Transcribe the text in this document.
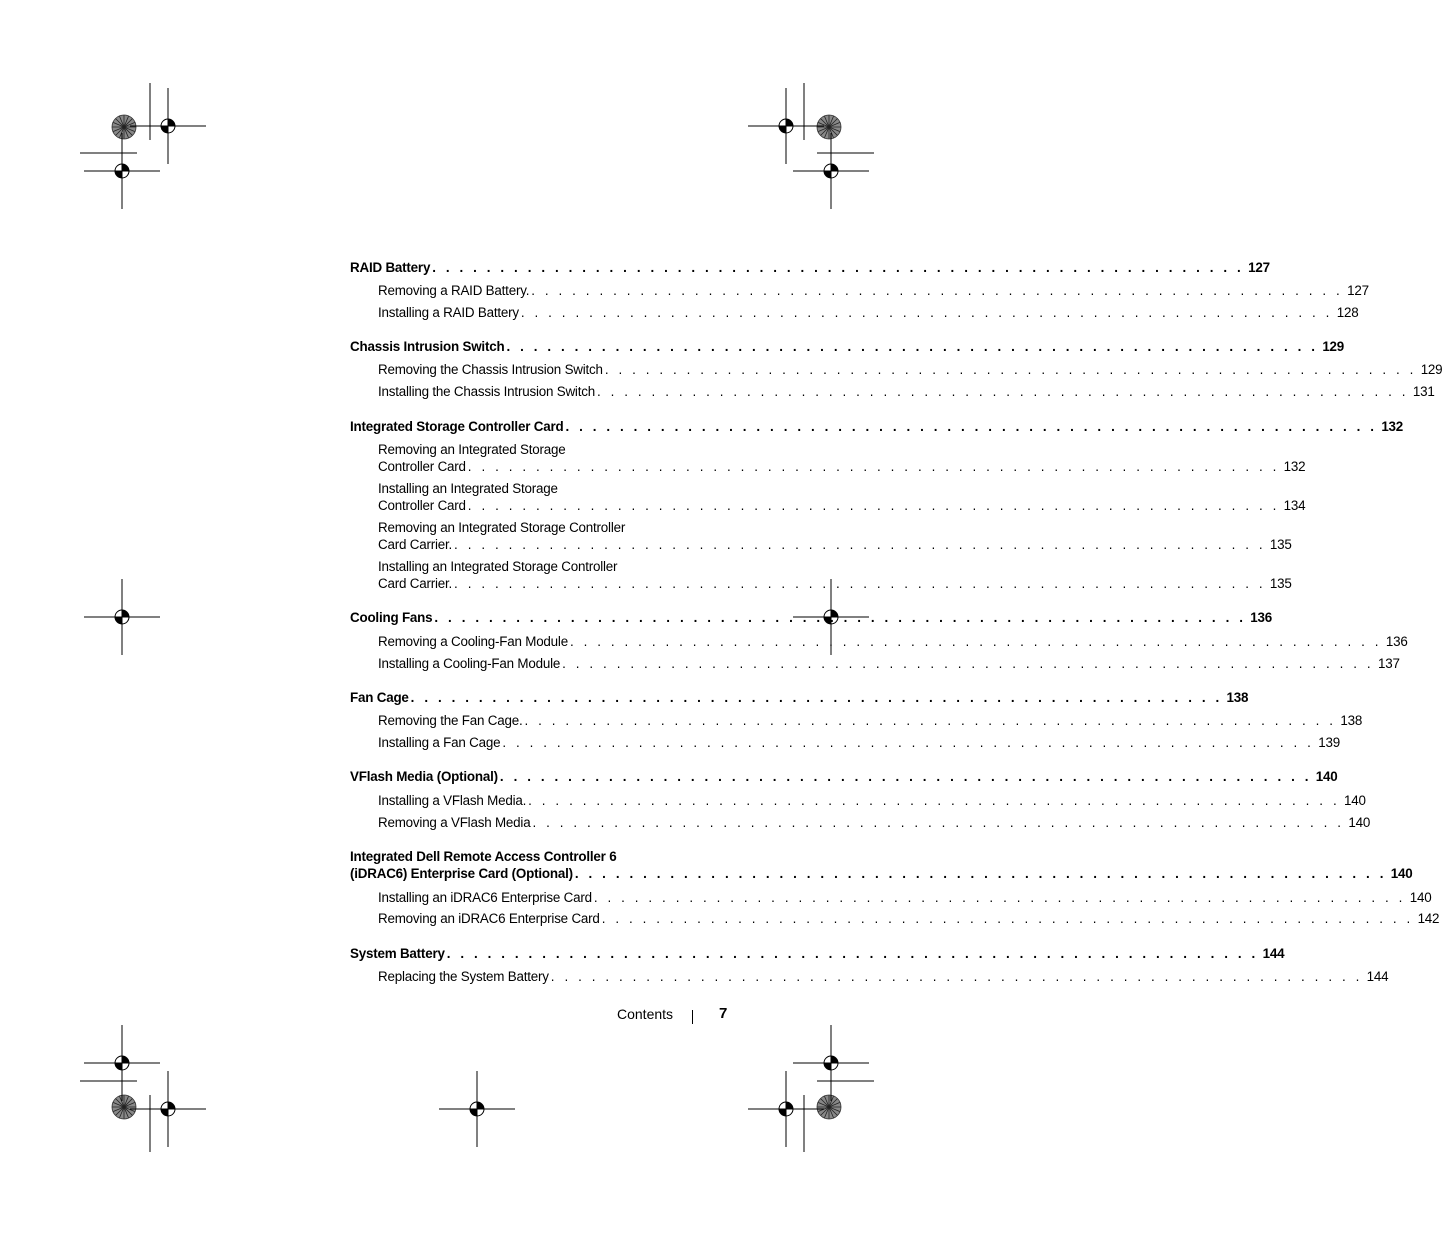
RAID Battery . . . . . . . . . . . . . . . . . . . . . . . . . . . . . . . . . . . . . . . . . . . . . . . . . . . . . . . . . . . . 127
Removing a RAID Battery. . . . . . . . . . . . . . . . . . . . . . . . . . . . . . . . . . . . . . . . . . . . . . . . . . . . . . . . . . . . . 127
Installing a RAID Battery . . . . . . . . . . . . . . . . . . . . . . . . . . . . . . . . . . . . . . . . . . . . . . . . . . . . . . . . . . . . 128
Chassis Intrusion Switch . . . . . . . . . . . . . . . . . . . . . . . . . . . . . . . . . . . . . . . . . . . . . . . . . . . . . . . . . . . . 129
Removing the Chassis Intrusion Switch . . . . . . . . . . . . . . . . . . . . . . . . . . . . . . . . . . . . . . . . . . . . . . . . . . . . . . . . . . . . 129
Installing the Chassis Intrusion Switch . . . . . . . . . . . . . . . . . . . . . . . . . . . . . . . . . . . . . . . . . . . . . . . . . . . . . . . . . . . . 131
Integrated Storage Controller Card . . . . . . . . . . . . . . . . . . . . . . . . . . . . . . . . . . . . . . . . . . . . . . . . . . . . . . . . . . . . 132
Removing an Integrated Storage
Controller Card . . . . . . . . . . . . . . . . . . . . . . . . . . . . . . . . . . . . . . . . . . . . . . . . . . . . . . . . . . . . 132
Installing an Integrated Storage
Controller Card . . . . . . . . . . . . . . . . . . . . . . . . . . . . . . . . . . . . . . . . . . . . . . . . . . . . . . . . . . . . 134
Removing an Integrated Storage Controller
Card Carrier. . . . . . . . . . . . . . . . . . . . . . . . . . . . . . . . . . . . . . . . . . . . . . . . . . . . . . . . . . . . . 135
Installing an Integrated Storage Controller
Card Carrier. . . . . . . . . . . . . . . . . . . . . . . . . . . . . . . . . . . . . . . . . . . . . . . . . . . . . . . . . . . . . 135
Cooling Fans . . . . . . . . . . . . . . . . . . . . . . . . . . . . . . . . . . . . . . . . . . . . . . . . . . . . . . . . . . . . 136
Removing a Cooling-Fan Module . . . . . . . . . . . . . . . . . . . . . . . . . . . . . . . . . . . . . . . . . . . . . . . . . . . . . . . . . . . . 136
Installing a Cooling-Fan Module . . . . . . . . . . . . . . . . . . . . . . . . . . . . . . . . . . . . . . . . . . . . . . . . . . . . . . . . . . . . 137
Fan Cage . . . . . . . . . . . . . . . . . . . . . . . . . . . . . . . . . . . . . . . . . . . . . . . . . . . . . . . . . . . . 138
Removing the Fan Cage. . . . . . . . . . . . . . . . . . . . . . . . . . . . . . . . . . . . . . . . . . . . . . . . . . . . . . . . . . . . . 138
Installing a Fan Cage . . . . . . . . . . . . . . . . . . . . . . . . . . . . . . . . . . . . . . . . . . . . . . . . . . . . . . . . . . . . 139
VFlash Media (Optional) . . . . . . . . . . . . . . . . . . . . . . . . . . . . . . . . . . . . . . . . . . . . . . . . . . . . . . . . . . . . 140
Installing a VFlash Media. . . . . . . . . . . . . . . . . . . . . . . . . . . . . . . . . . . . . . . . . . . . . . . . . . . . . . . . . . . . . 140
Removing a VFlash Media . . . . . . . . . . . . . . . . . . . . . . . . . . . . . . . . . . . . . . . . . . . . . . . . . . . . . . . . . . . . 140
Integrated Dell Remote Access Controller 6
(iDRAC6) Enterprise Card (Optional) . . . . . . . . . . . . . . . . . . . . . . . . . . . . . . . . . . . . . . . . . . . . . . . . . . . . . . . . . . . . 140
Installing an iDRAC6 Enterprise Card . . . . . . . . . . . . . . . . . . . . . . . . . . . . . . . . . . . . . . . . . . . . . . . . . . . . . . . . . . . . 140
Removing an iDRAC6 Enterprise Card . . . . . . . . . . . . . . . . . . . . . . . . . . . . . . . . . . . . . . . . . . . . . . . . . . . . . . . . . . . . 142
System Battery . . . . . . . . . . . . . . . . . . . . . . . . . . . . . . . . . . . . . . . . . . . . . . . . . . . . . . . . . . . . 144
Replacing the System Battery . . . . . . . . . . . . . . . . . . . . . . . . . . . . . . . . . . . . . . . . . . . . . . . . . . . . . . . . . . . . 144
Contents	7
